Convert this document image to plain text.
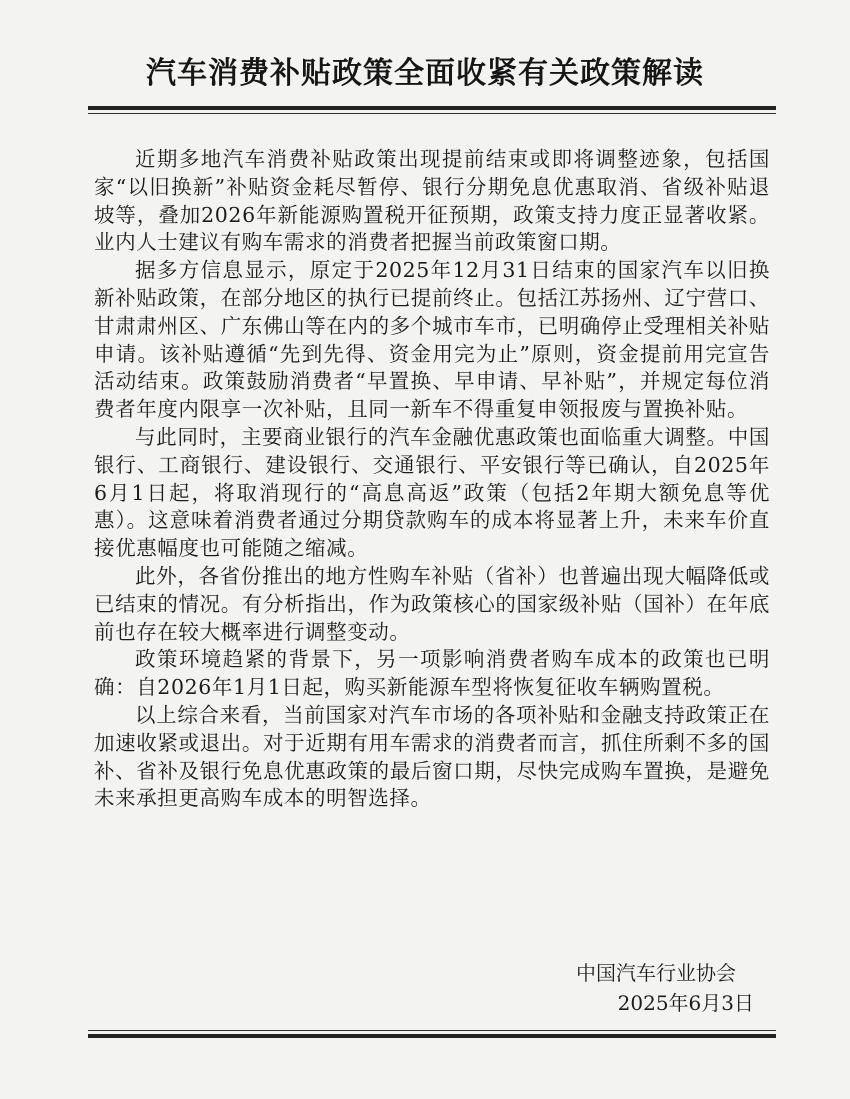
汽车消费补贴政策全面收紧有关政策解读

近期多地汽车消费补贴政策出现提前结束或即将调整迹象，包括国家“以旧换新”补贴资金耗尽暂停、银行分期免息优惠取消、省级补贴退坡等，叠加2026年新能源购置税开征预期，政策支持力度正显著收紧。业内人士建议有购车需求的消费者把握当前政策窗口期。

据多方信息显示，原定于2025年12月31日结束的国家汽车以旧换新补贴政策，在部分地区的执行已提前终止。包括江苏扬州、辽宁营口、甘肃肃州区、广东佛山等在内的多个城市车市，已明确停止受理相关补贴申请。该补贴遵循“先到先得、资金用完为止”原则，资金提前用完宣告活动结束。政策鼓励消费者“早置换、早申请、早补贴”，并规定每位消费者年度内限享一次补贴，且同一新车不得重复申领报废与置换补贴。

与此同时，主要商业银行的汽车金融优惠政策也面临重大调整。中国银行、工商银行、建设银行、交通银行、平安银行等已确认，自2025年6月1日起，将取消现行的“高息高返”政策（包括2年期大额免息等优惠）。这意味着消费者通过分期贷款购车的成本将显著上升，未来车价直接优惠幅度也可能随之缩减。

此外，各省份推出的地方性购车补贴（省补）也普遍出现大幅降低或已结束的情况。有分析指出，作为政策核心的国家级补贴（国补）在年底前也存在较大概率进行调整变动。

政策环境趋紧的背景下，另一项影响消费者购车成本的政策也已明确：自2026年1月1日起，购买新能源车型将恢复征收车辆购置税。

以上综合来看，当前国家对汽车市场的各项补贴和金融支持政策正在加速收紧或退出。对于近期有用车需求的消费者而言，抓住所剩不多的国补、省补及银行免息优惠政策的最后窗口期，尽快完成购车置换，是避免未来承担更高购车成本的明智选择。

中国汽车行业协会
2025年6月3日
